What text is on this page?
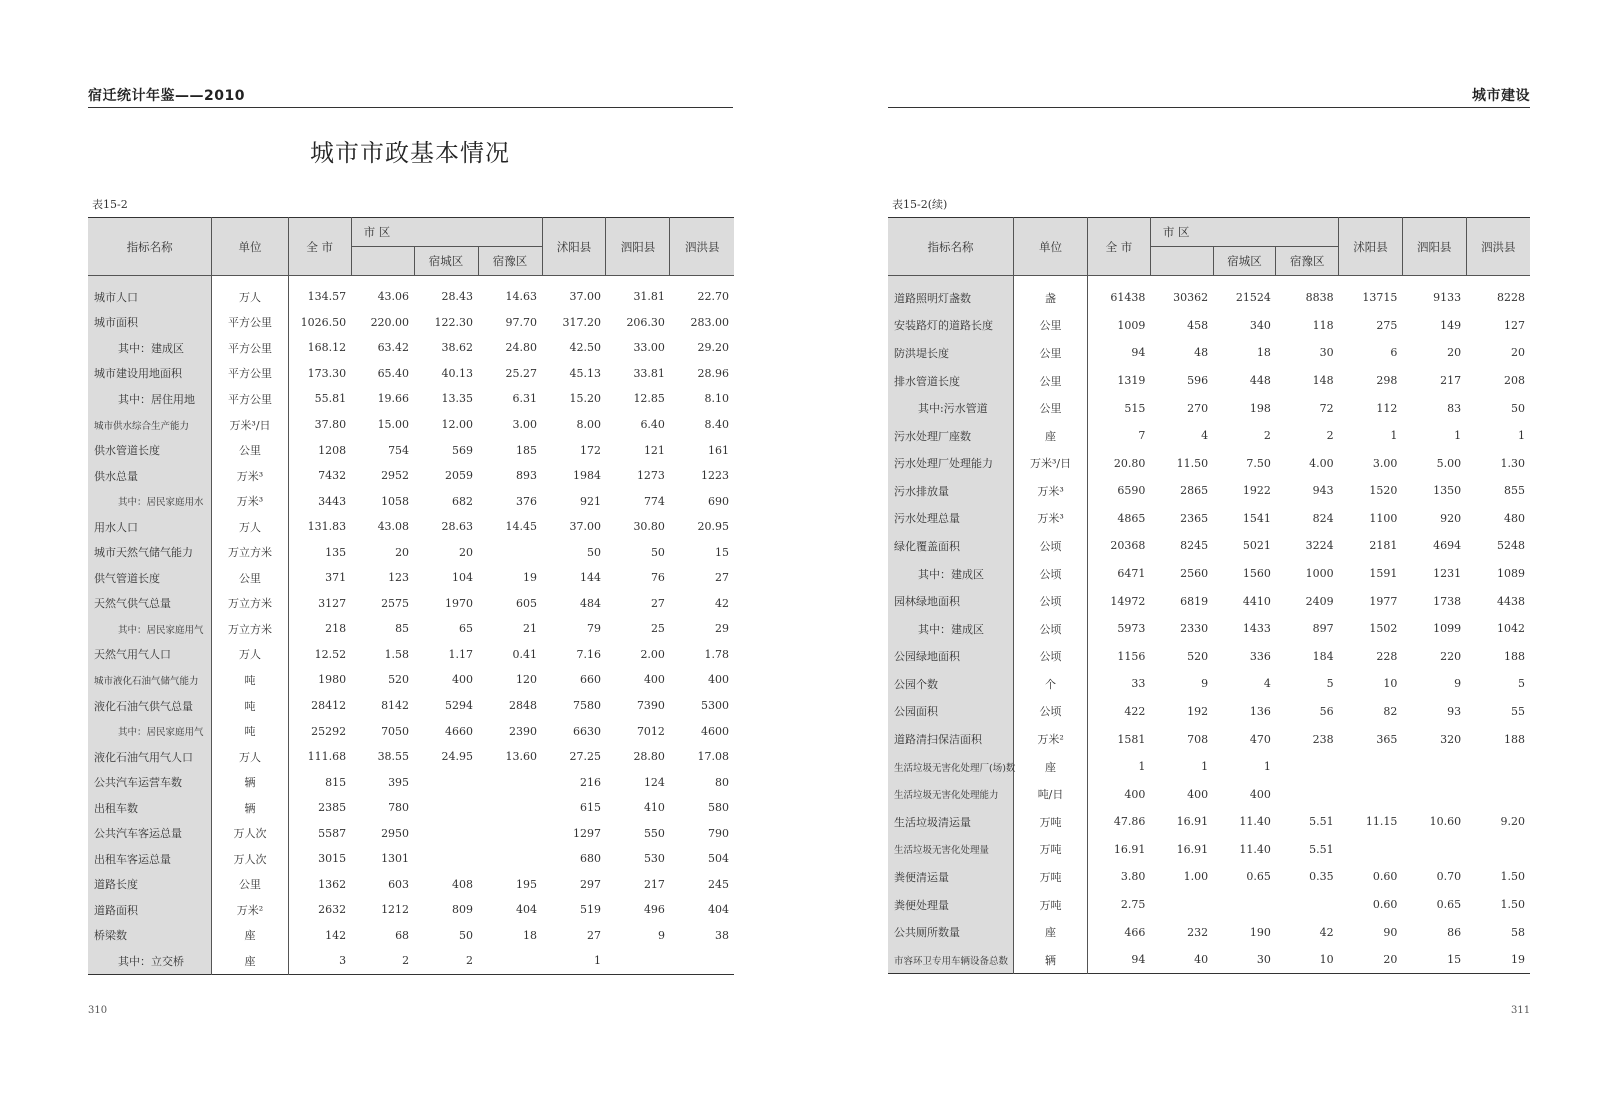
宿迁统计年鉴——2010
城市市政基本情况
表15-2
指标名称	单位	全 市	市 区			沭阳县	泗阳县	泗洪县
				宿城区	宿豫区			
城市人口	万人	134.57	43.06	28.43	14.63	37.00	31.81	22.70
城市面积	平方公里	1026.50	220.00	122.30	97.70	317.20	206.30	283.00
其中：建成区	平方公里	168.12	63.42	38.62	24.80	42.50	33.00	29.20
城市建设用地面积	平方公里	173.30	65.40	40.13	25.27	45.13	33.81	28.96
其中：居住用地	平方公里	55.81	19.66	13.35	6.31	15.20	12.85	8.10
城市供水综合生产能力	万米³/日	37.80	15.00	12.00	3.00	8.00	6.40	8.40
供水管道长度	公里	1208	754	569	185	172	121	161
供水总量	万米³	7432	2952	2059	893	1984	1273	1223
其中：居民家庭用水	万米³	3443	1058	682	376	921	774	690
用水人口	万人	131.83	43.08	28.63	14.45	37.00	30.80	20.95
城市天然气储气能力	万立方米	135	20	20		50	50	15
供气管道长度	公里	371	123	104	19	144	76	27
天然气供气总量	万立方米	3127	2575	1970	605	484	27	42
其中：居民家庭用气	万立方米	218	85	65	21	79	25	29
天然气用气人口	万人	12.52	1.58	1.17	0.41	7.16	2.00	1.78
城市液化石油气储气能力	吨	1980	520	400	120	660	400	400
液化石油气供气总量	吨	28412	8142	5294	2848	7580	7390	5300
其中：居民家庭用气	吨	25292	7050	4660	2390	6630	7012	4600
液化石油气用气人口	万人	111.68	38.55	24.95	13.60	27.25	28.80	17.08
公共汽车运营车数	辆	815	395			216	124	80
出租车数	辆	2385	780			615	410	580
公共汽车客运总量	万人次	5587	2950			1297	550	790
出租车客运总量	万人次	3015	1301			680	530	504
道路长度	公里	1362	603	408	195	297	217	245
道路面积	万米²	2632	1212	809	404	519	496	404
桥梁数	座	142	68	50	18	27	9	38
其中：立交桥	座	3	2	2		1		
310
城市建设
表15-2(续)
指标名称	单位	全 市	市 区			沭阳县	泗阳县	泗洪县
				宿城区	宿豫区			
道路照明灯盏数	盏	61438	30362	21524	8838	13715	9133	8228
安装路灯的道路长度	公里	1009	458	340	118	275	149	127
防洪堤长度	公里	94	48	18	30	6	20	20
排水管道长度	公里	1319	596	448	148	298	217	208
其中:污水管道	公里	515	270	198	72	112	83	50
污水处理厂座数	座	7	4	2	2	1	1	1
污水处理厂处理能力	万米³/日	20.80	11.50	7.50	4.00	3.00	5.00	1.30
污水排放量	万米³	6590	2865	1922	943	1520	1350	855
污水处理总量	万米³	4865	2365	1541	824	1100	920	480
绿化覆盖面积	公顷	20368	8245	5021	3224	2181	4694	5248
其中：建成区	公顷	6471	2560	1560	1000	1591	1231	1089
园林绿地面积	公顷	14972	6819	4410	2409	1977	1738	4438
其中：建成区	公顷	5973	2330	1433	897	1502	1099	1042
公园绿地面积	公顷	1156	520	336	184	228	220	188
公园个数	个	33	9	4	5	10	9	5
公园面积	公顷	422	192	136	56	82	93	55
道路清扫保洁面积	万米²	1581	708	470	238	365	320	188
生活垃圾无害化处理厂(场)数	座	1	1	1				
生活垃圾无害化处理能力	吨/日	400	400	400				
生活垃圾清运量	万吨	47.86	16.91	11.40	5.51	11.15	10.60	9.20
生活垃圾无害化处理量	万吨	16.91	16.91	11.40	5.51			
粪便清运量	万吨	3.80	1.00	0.65	0.35	0.60	0.70	1.50
粪便处理量	万吨	2.75				0.60	0.65	1.50
公共厕所数量	座	466	232	190	42	90	86	58
市容环卫专用车辆设备总数	辆	94	40	30	10	20	15	19
311
